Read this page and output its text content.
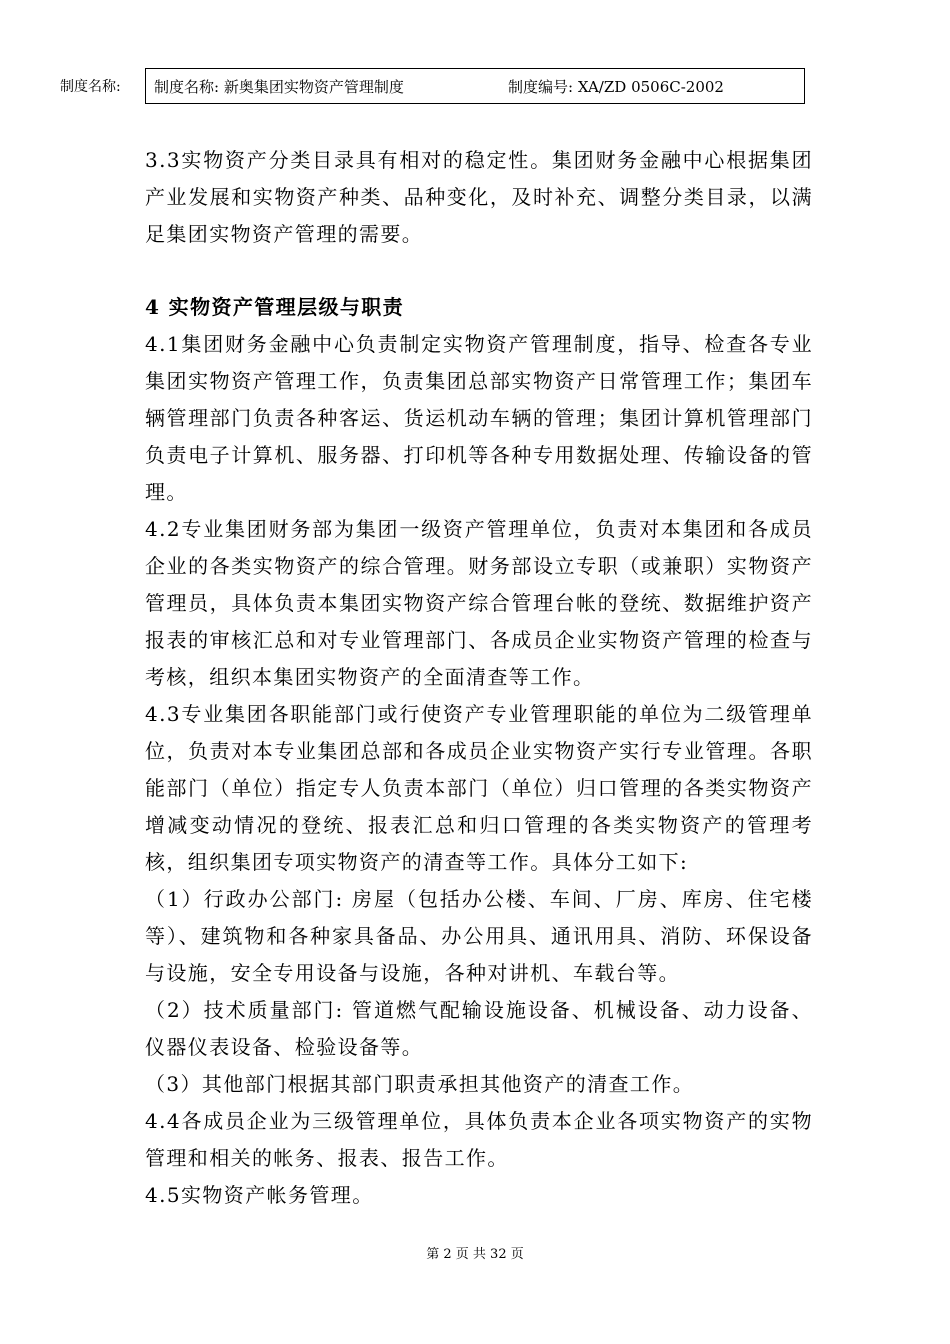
制度名称: 制度名称: 新奥集团实物资产管理制度	制度编号: XA/ZD 0506C-2002

3.3实物资产分类目录具有相对的稳定性。集团财务金融中心根据集团产业发展和实物资产种类、品种变化，及时补充、调整分类目录，以满足集团实物资产管理的需要。

4 实物资产管理层级与职责

4.1集团财务金融中心负责制定实物资产管理制度，指导、检查各专业集团实物资产管理工作，负责集团总部实物资产日常管理工作；集团车辆管理部门负责各种客运、货运机动车辆的管理；集团计算机管理部门负责电子计算机、服务器、打印机等各种专用数据处理、传输设备的管理。

4.2专业集团财务部为集团一级资产管理单位，负责对本集团和各成员企业的各类实物资产的综合管理。财务部设立专职（或兼职）实物资产管理员，具体负责本集团实物资产综合管理台帐的登统、数据维护资产报表的审核汇总和对专业管理部门、各成员企业实物资产管理的检查与考核，组织本集团实物资产的全面清查等工作。

4.3专业集团各职能部门或行使资产专业管理职能的单位为二级管理单位，负责对本专业集团总部和各成员企业实物资产实行专业管理。各职能部门（单位）指定专人负责本部门（单位）归口管理的各类实物资产增减变动情况的登统、报表汇总和归口管理的各类实物资产的管理考核，组织集团专项实物资产的清查等工作。具体分工如下:

（1）行政办公部门: 房屋（包括办公楼、车间、厂房、库房、住宅楼等）、建筑物和各种家具备品、办公用具、通讯用具、消防、环保设备与设施，安全专用设备与设施，各种对讲机、车载台等。

（2）技术质量部门: 管道燃气配输设施设备、机械设备、动力设备、仪器仪表设备、检验设备等。

（3）其他部门根据其部门职责承担其他资产的清查工作。

4.4各成员企业为三级管理单位，具体负责本企业各项实物资产的实物管理和相关的帐务、报表、报告工作。

4.5实物资产帐务管理。

第 2 页 共 32 页
